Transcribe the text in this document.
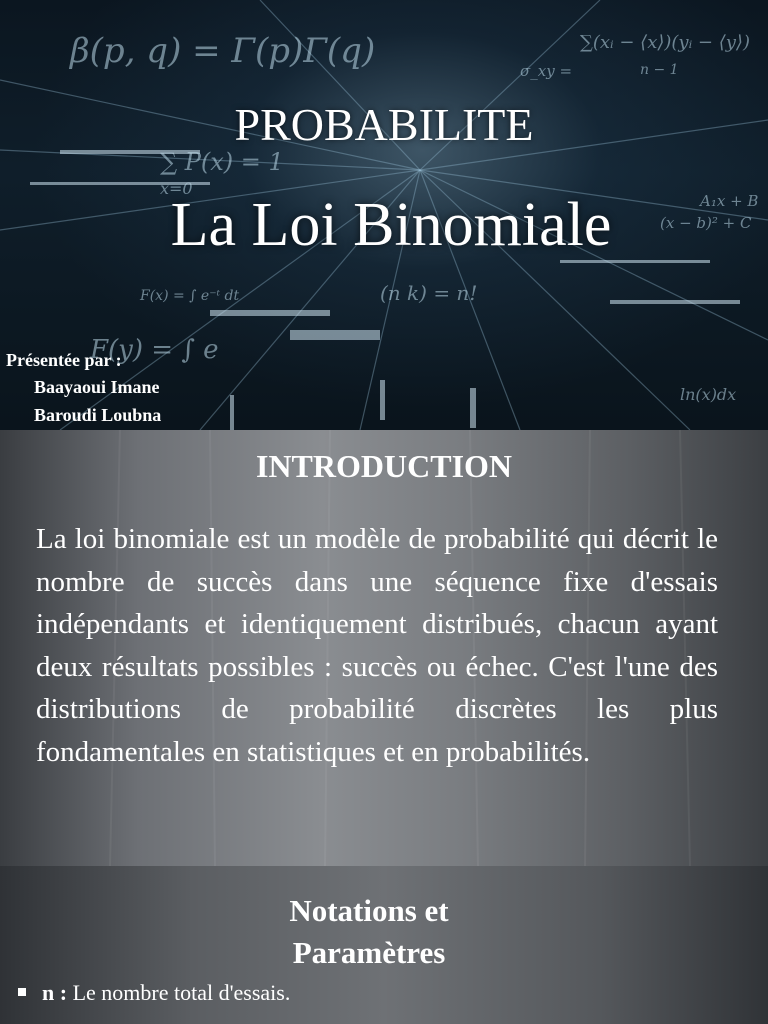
β(p, q) = Γ(p)Γ(q)
∑ P(x) = 1
x=0
∑(xᵢ − ⟨x⟩)(yᵢ − ⟨y⟩)
n − 1
σ_xy =
A₁x + B
(x − b)² + C
F(y) = ∫ e
F(x) = ∫ e⁻ᵗ dt	(n k) = n!
ln(x)dx
PROBABILITE
La Loi Binomiale
Présentée par :
Baayaoui Imane
Baroudi Loubna
INTRODUCTION
La loi binomiale est un modèle de probabilité qui décrit le nombre de succès dans une séquence fixe d'essais indépendants et identiquement distribués, chacun ayant deux résultats possibles : succès ou échec. C'est l'une des distributions de probabilité discrètes les plus fondamentales en statistiques et en probabilités.
Notations et
Paramètres
n : Le nombre total d'essais.
